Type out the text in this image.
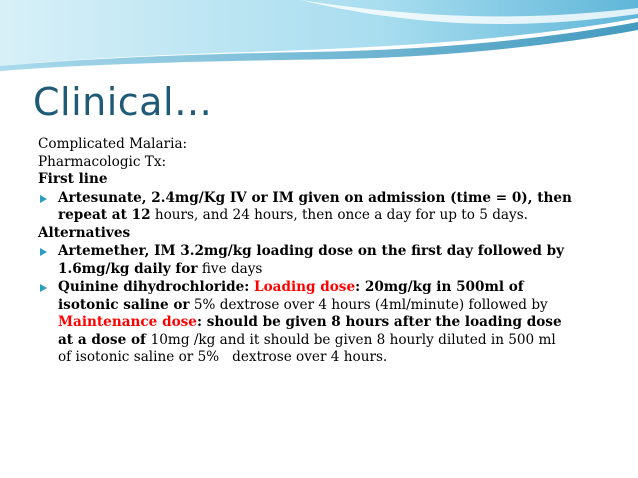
Clinical…

Complicated Malaria:

Pharmacologic Tx:

First line

Artesunate, 2.4mg/Kg IV or IM given on admission (time = 0), then
repeat at 12 hours, and 24 hours, then once a day for up to 5 days.

Alternatives

Artemether, IM 3.2mg/kg loading dose on the first day followed by
1.6mg/kg daily for five days
Quinine dihydrochloride: Loading dose: 20mg/kg in 500ml of
isotonic saline or 5% dextrose over 4 hours (4ml/minute) followed by
Maintenance dose: should be given 8 hours after the loading dose
at a dose of 10mg /kg and it should be given 8 hourly diluted in 500 ml
of isotonic saline or 5%   dextrose over 4 hours.
